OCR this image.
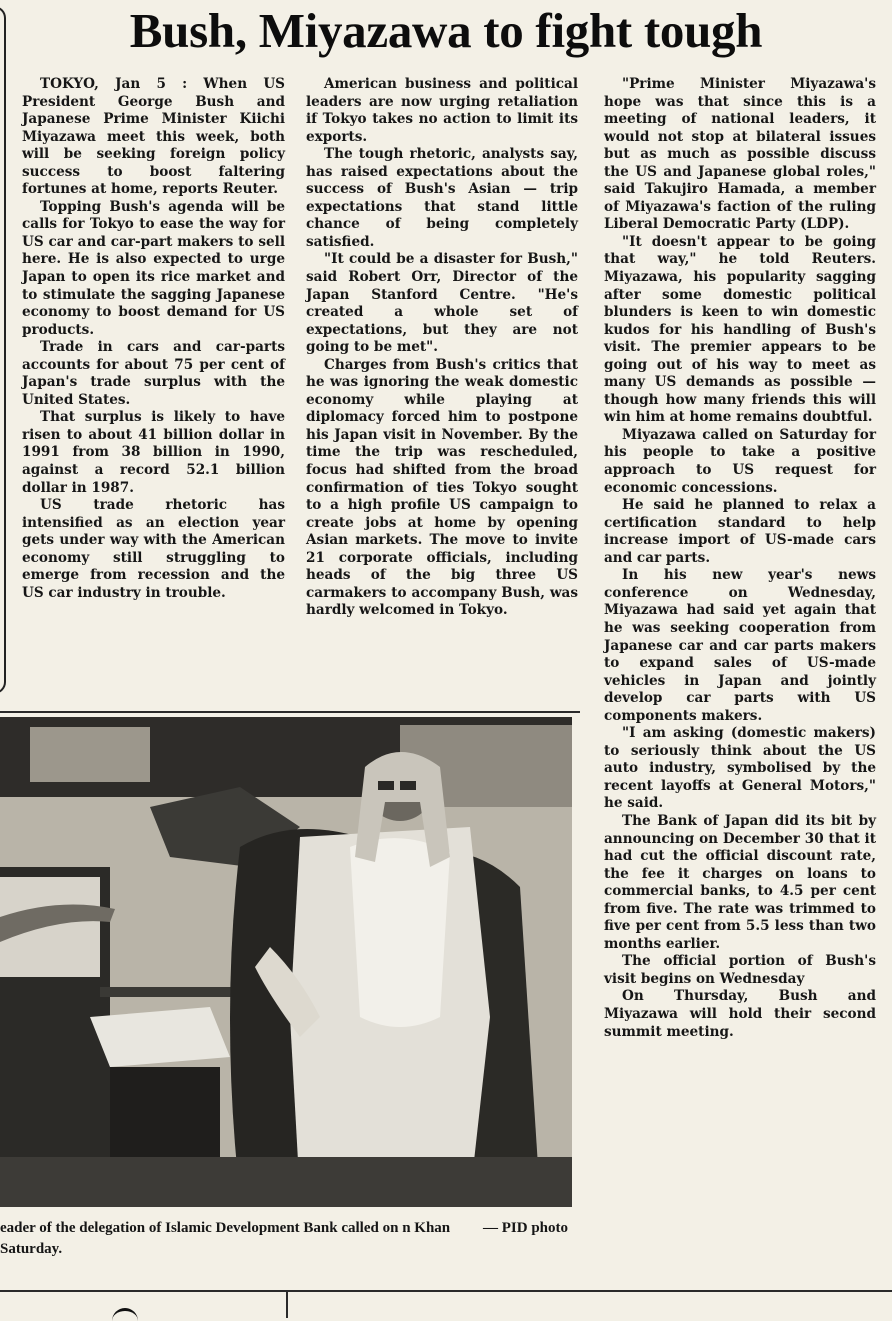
Bush, Miyazawa to fight tough

TOKYO, Jan 5 : When US President George Bush and Japanese Prime Minister Kiichi Miyazawa meet this week, both will be seeking foreign policy success to boost faltering fortunes at home, reports Reuter.

Topping Bush's agenda will be calls for Tokyo to ease the way for US car and car-part makers to sell here. He is also expected to urge Japan to open its rice market and to stimulate the sagging Japanese economy to boost demand for US products.

Trade in cars and car-parts accounts for about 75 per cent of Japan's trade surplus with the United States.

That surplus is likely to have risen to about 41 billion dollar in 1991 from 38 billion in 1990, against a record 52.1 billion dollar in 1987.

US trade rhetoric has intensified as an election year gets under way with the American economy still struggling to emerge from recession and the US car industry in trouble.

American business and political leaders are now urging retaliation if Tokyo takes no action to limit its exports.

The tough rhetoric, analysts say, has raised expectations about the success of Bush's Asian — trip expectations that stand little chance of being completely satisfied.

"It could be a disaster for Bush," said Robert Orr, Director of the Japan Stanford Centre. "He's created a whole set of expectations, but they are not going to be met".

Charges from Bush's critics that he was ignoring the weak domestic economy while playing at diplomacy forced him to postpone his Japan visit in November. By the time the trip was rescheduled, focus had shifted from the broad confirmation of ties Tokyo sought to a high profile US campaign to create jobs at home by opening Asian markets. The move to invite 21 corporate officials, including heads of the big three US carmakers to accompany Bush, was hardly welcomed in Tokyo.

"Prime Minister Miyazawa's hope was that since this is a meeting of national leaders, it would not stop at bilateral issues but as much as possible discuss the US and Japanese global roles," said Takujiro Hamada, a member of Miyazawa's faction of the ruling Liberal Democratic Party (LDP).

"It doesn't appear to be going that way," he told Reuters. Miyazawa, his popularity sagging after some domestic political blunders is keen to win domestic kudos for his handling of Bush's visit. The premier appears to be going out of his way to meet as many US demands as possible — though how many friends this will win him at home remains doubtful.

Miyazawa called on Saturday for his people to take a positive approach to US request for economic concessions.

He said he planned to relax a certification standard to help increase import of US-made cars and car parts.

In his new year's news conference on Wednesday, Miyazawa had said yet again that he was seeking cooperation from Japanese car and car parts makers to expand sales of US-made vehicles in Japan and jointly develop car parts with US components makers.

"I am asking (domestic makers) to seriously think about the US auto industry, symbolised by the recent layoffs at General Motors," he said.

The Bank of Japan did its bit by announcing on December 30 that it had cut the official discount rate, the fee it charges on loans to commercial banks, to 4.5 per cent from five. The rate was trimmed to five per cent from 5.5 less than two months earlier.

The official portion of Bush's visit begins on Wednesday

On Thursday, Bush and Miyazawa will hold their second summit meeting.

— PID photo
eader of the delegation of Islamic Development Bank called on n Khan Saturday.
